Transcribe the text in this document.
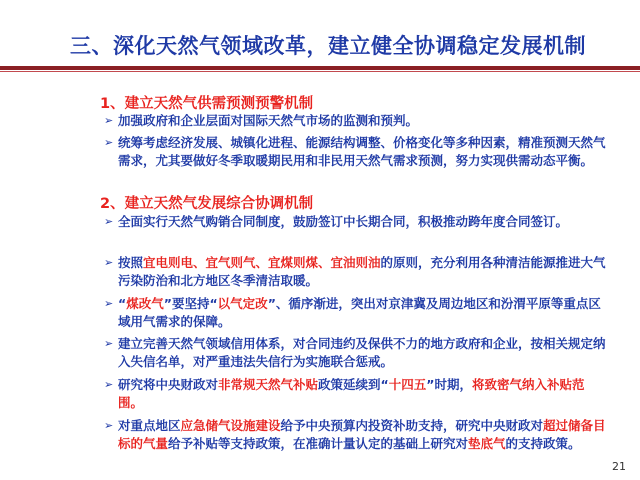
三、深化天然气领域改革，建立健全协调稳定发展机制
1、建立天然气供需预测预警机制
➢ 加强政府和企业层面对国际天然气市场的监测和预判。
➢ 统筹考虑经济发展、城镇化进程、能源结构调整、价格变化等多种因素，精准预测天然气需求，尤其要做好冬季取暖期民用和非民用天然气需求预测，努力实现供需动态平衡。
2、建立天然气发展综合协调机制
➢ 全面实行天然气购销合同制度，鼓励签订中长期合同，积极推动跨年度合同签订。
➢ 按照宜电则电、宜气则气、宜煤则煤、宜油则油的原则，充分利用各种清洁能源推进大气污染防治和北方地区冬季清洁取暖。
➢ “煤改气”要坚持“以气定改”、循序渐进，突出对京津冀及周边地区和汾渭平原等重点区域用气需求的保障。
➢ 建立完善天然气领域信用体系，对合同违约及保供不力的地方政府和企业，按相关规定纳入失信名单，对严重违法失信行为实施联合惩戒。
➢ 研究将中央财政对非常规天然气补贴政策延续到“十四五”时期，将致密气纳入补贴范围。
➢ 对重点地区应急储气设施建设给予中央预算内投资补助支持，研究中央财政对超过储备目标的气量给予补贴等支持政策，在准确计量认定的基础上研究对垫底气的支持政策。
21
